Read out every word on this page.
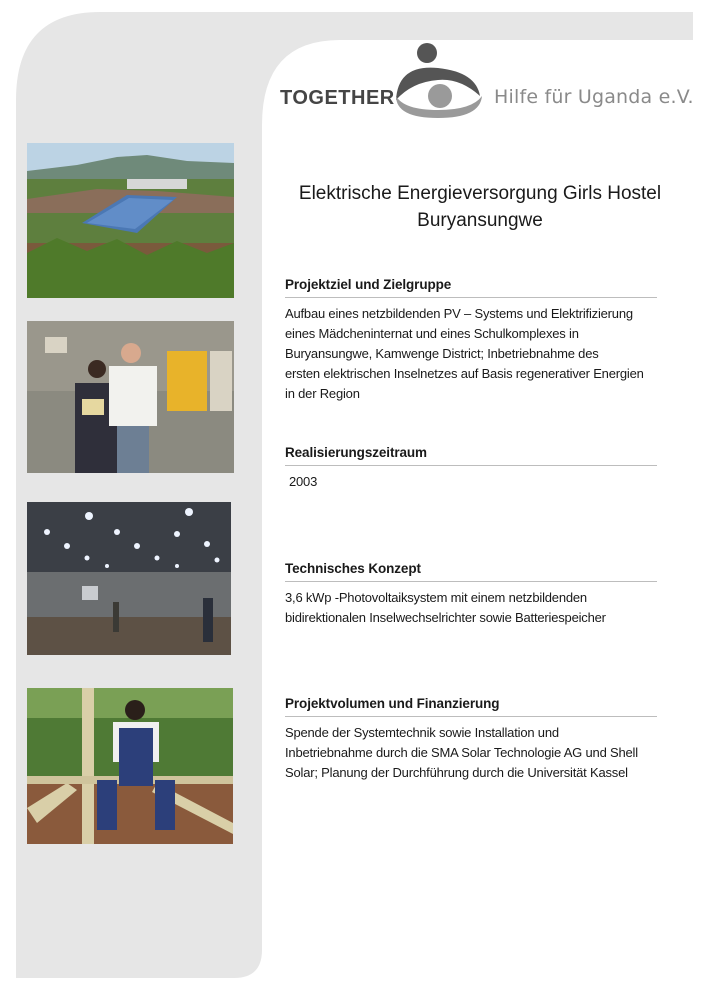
TOGETHER	Hilfe für Uganda e.V.
Elektrische Energieversorgung Girls Hostel
Buryansungwe
Projektziel und Zielgruppe

Aufbau eines netzbildenden PV – Systems und Elektrifizierung
eines Mädcheninternat und eines Schulkomplexes in
Buryansungwe, Kamwenge District; Inbetriebnahme des
ersten elektrischen Inselnetzes auf Basis regenerativer Energien
in der Region

Realisierungszeitraum

2003

Technisches Konzept

3,6 kWp -Photovoltaiksystem mit einem netzbildenden
bidirektionalen Inselwechselrichter sowie Batteriespeicher

Projektvolumen und Finanzierung

Spende der Systemtechnik sowie Installation und
Inbetriebnahme durch die SMA Solar Technologie AG und Shell
Solar; Planung der Durchführung durch die Universität Kassel
